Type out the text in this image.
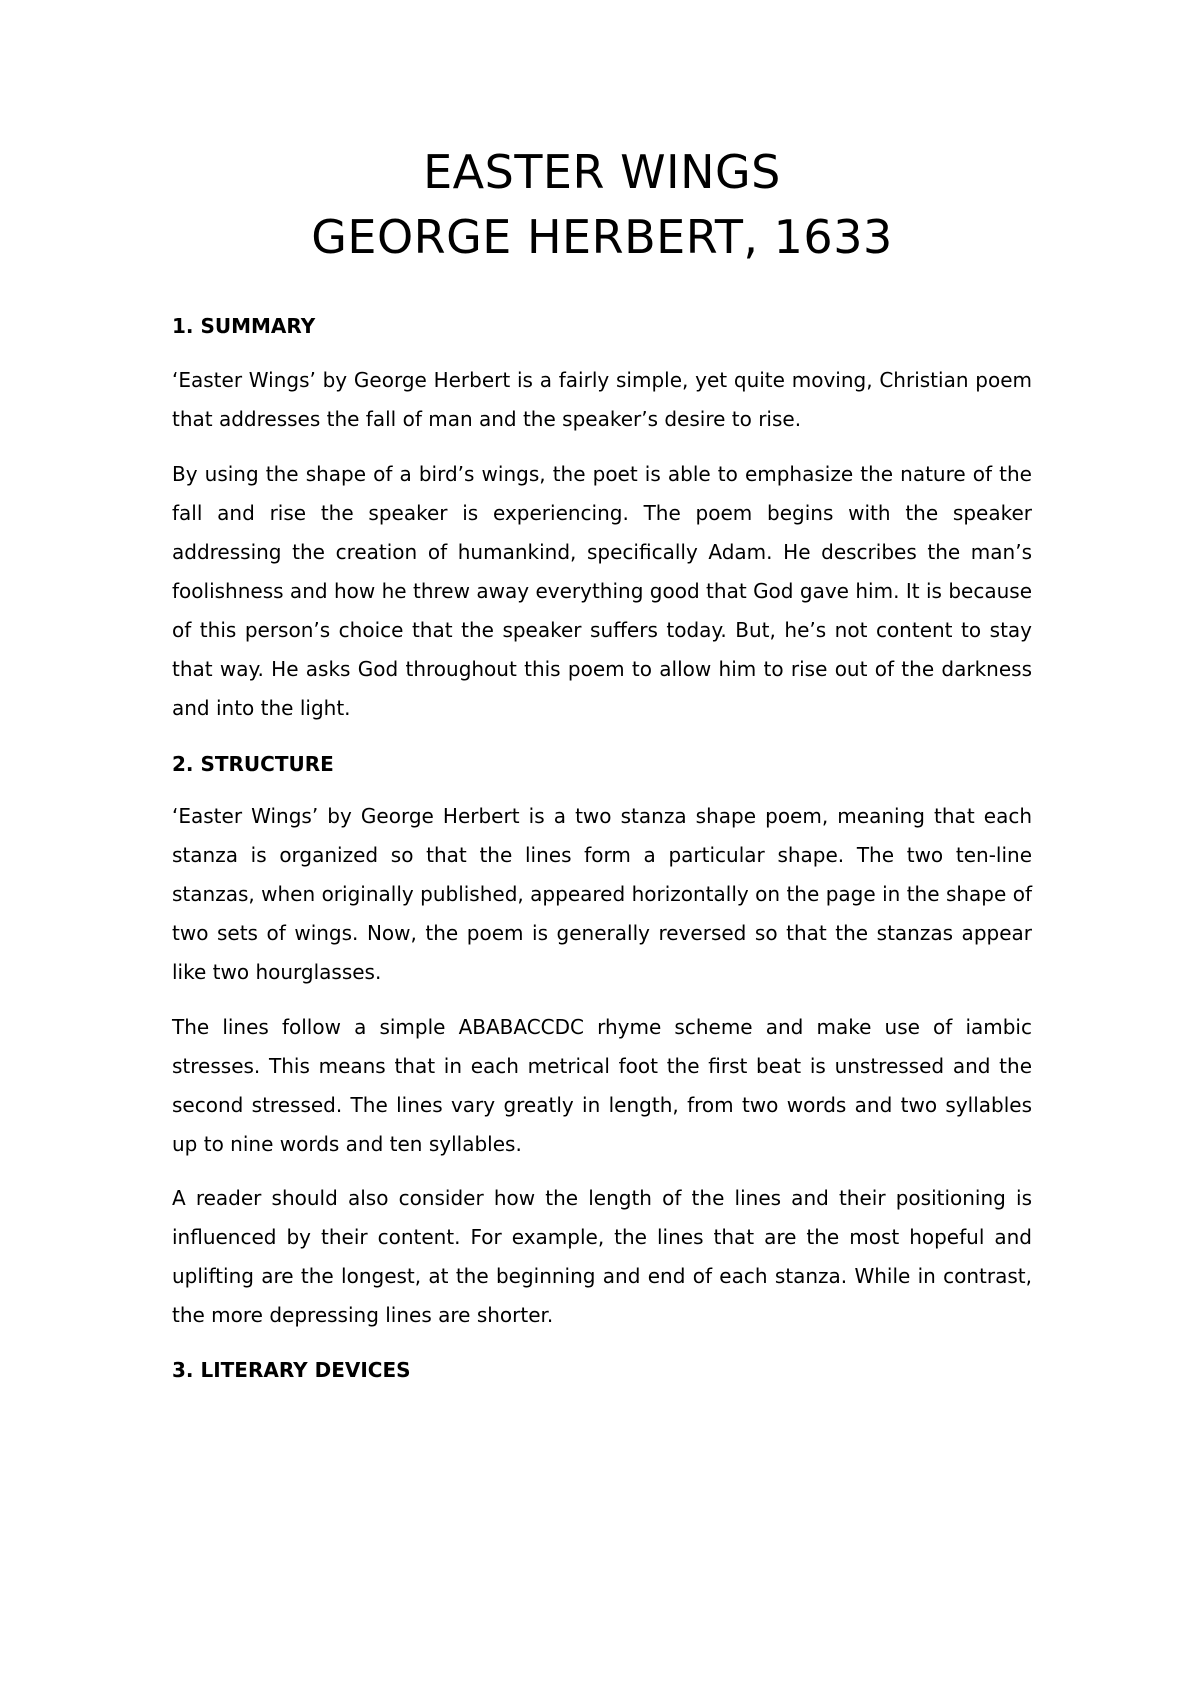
EASTER WINGS
GEORGE HERBERT, 1633
1. SUMMARY

‘Easter Wings’ by George Herbert is a fairly simple, yet quite moving, Christian poem that addresses the fall of man and the speaker’s desire to rise.

By using the shape of a bird’s wings, the poet is able to emphasize the nature of the fall and rise the speaker is experiencing. The poem begins with the speaker addressing the creation of humankind, specifically Adam. He describes the man’s foolishness and how he threw away everything good that God gave him. It is because of this person’s choice that the speaker suffers today. But, he’s not content to stay that way. He asks God throughout this poem to allow him to rise out of the darkness and into the light.

2. STRUCTURE

‘Easter Wings’ by George Herbert is a two stanza shape poem, meaning that each stanza is organized so that the lines form a particular shape. The two ten-line stanzas, when originally published, appeared horizontally on the page in the shape of two sets of wings. Now, the poem is generally reversed so that the stanzas appear like two hourglasses.

The lines follow a simple ABABACCDC rhyme scheme and make use of iambic stresses. This means that in each metrical foot the first beat is unstressed and the second stressed. The lines vary greatly in length, from two words and two syllables up to nine words and ten syllables.

A reader should also consider how the length of the lines and their positioning is influenced by their content. For example, the lines that are the most hopeful and uplifting are the longest, at the beginning and end of each stanza. While in contrast, the more depressing lines are shorter.

3. LITERARY DEVICES
